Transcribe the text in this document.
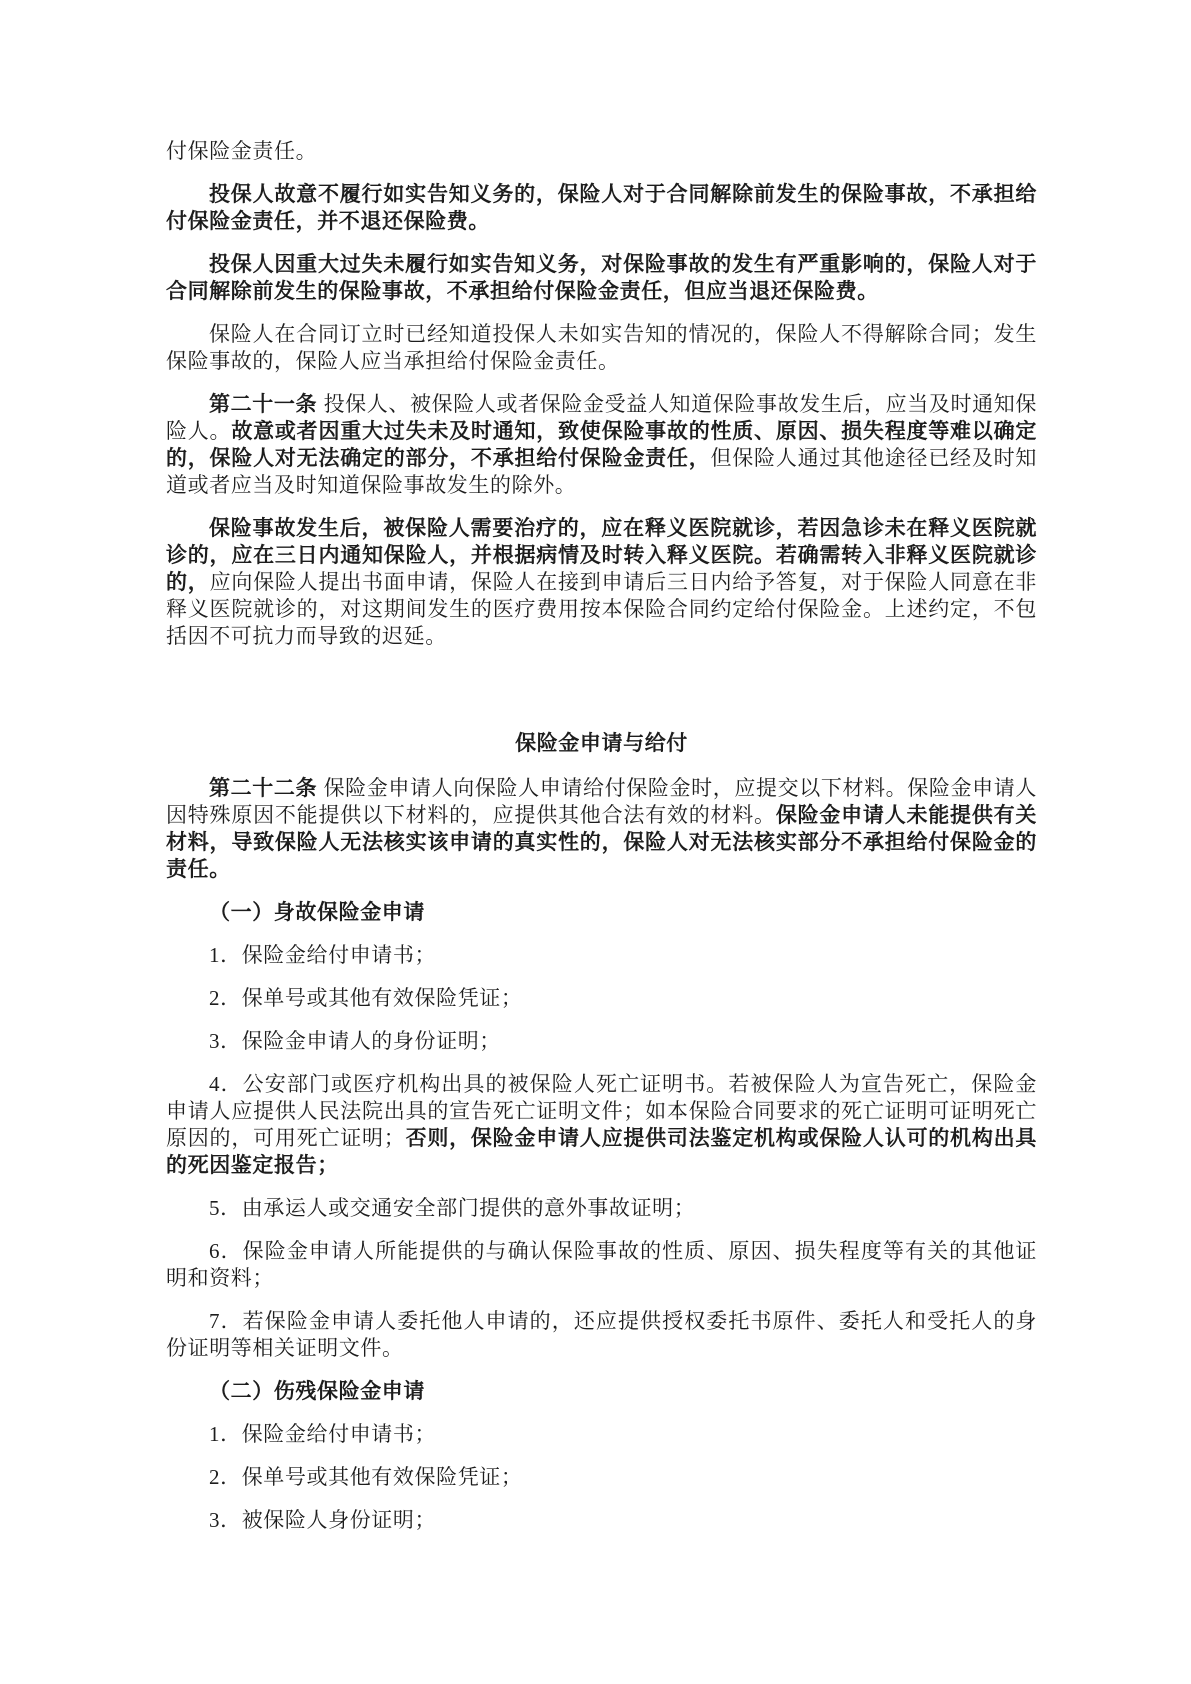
付保险金责任。

投保人故意不履行如实告知义务的，保险人对于合同解除前发生的保险事故，不承担给付保险金责任，并不退还保险费。

投保人因重大过失未履行如实告知义务，对保险事故的发生有严重影响的，保险人对于合同解除前发生的保险事故，不承担给付保险金责任，但应当退还保险费。

保险人在合同订立时已经知道投保人未如实告知的情况的，保险人不得解除合同；发生保险事故的，保险人应当承担给付保险金责任。

第二十一条 投保人、被保险人或者保险金受益人知道保险事故发生后，应当及时通知保险人。故意或者因重大过失未及时通知，致使保险事故的性质、原因、损失程度等难以确定的，保险人对无法确定的部分，不承担给付保险金责任，但保险人通过其他途径已经及时知道或者应当及时知道保险事故发生的除外。

保险事故发生后，被保险人需要治疗的，应在释义医院就诊，若因急诊未在释义医院就诊的，应在三日内通知保险人，并根据病情及时转入释义医院。若确需转入非释义医院就诊的，应向保险人提出书面申请，保险人在接到申请后三日内给予答复，对于保险人同意在非释义医院就诊的，对这期间发生的医疗费用按本保险合同约定给付保险金。上述约定，不包括因不可抗力而导致的迟延。

保险金申请与给付

第二十二条 保险金申请人向保险人申请给付保险金时，应提交以下材料。保险金申请人因特殊原因不能提供以下材料的，应提供其他合法有效的材料。保险金申请人未能提供有关材料，导致保险人无法核实该申请的真实性的，保险人对无法核实部分不承担给付保险金的责任。

（一）身故保险金申请

1．保险金给付申请书；

2．保单号或其他有效保险凭证；

3．保险金申请人的身份证明；

4．公安部门或医疗机构出具的被保险人死亡证明书。若被保险人为宣告死亡，保险金申请人应提供人民法院出具的宣告死亡证明文件；如本保险合同要求的死亡证明可证明死亡原因的，可用死亡证明；否则，保险金申请人应提供司法鉴定机构或保险人认可的机构出具的死因鉴定报告；

5．由承运人或交通安全部门提供的意外事故证明；

6．保险金申请人所能提供的与确认保险事故的性质、原因、损失程度等有关的其他证明和资料；

7．若保险金申请人委托他人申请的，还应提供授权委托书原件、委托人和受托人的身份证明等相关证明文件。

（二）伤残保险金申请

1．保险金给付申请书；

2．保单号或其他有效保险凭证；

3．被保险人身份证明；
